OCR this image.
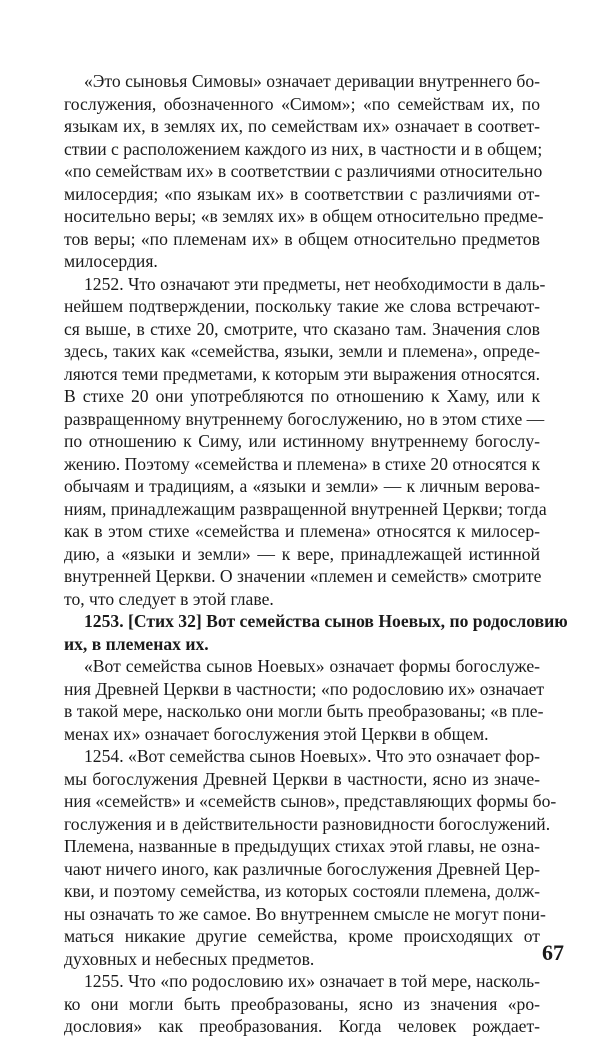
«Это сыновья Симовы» означает деривации внутреннего бо-
гослужения, обозначенного «Симом»; «по семействам их, по
языкам их, в землях их, по семействам их» означает в соответ-
ствии с расположением каждого из них, в частности и в общем;
«по семействам их» в соответствии с различиями относительно
милосердия; «по языкам их» в соответствии с различиями от-
носительно веры; «в землях их» в общем относительно предме-
тов веры; «по племенам их» в общем относительно предметов
милосердия.
1252. Что означают эти предметы, нет необходимости в даль-
нейшем подтверждении, поскольку такие же слова встречают-
ся выше, в стихе 20, смотрите, что сказано там. Значения слов
здесь, таких как «семейства, языки, земли и племена», опреде-
ляются теми предметами, к которым эти выражения относятся.
В стихе 20 они употребляются по отношению к Хаму, или к
развращенному внутреннему богослужению, но в этом стихе —
по отношению к Симу, или истинному внутреннему богослу-
жению. Поэтому «семейства и племена» в стихе 20 относятся к
обычаям и традициям, а «языки и земли» — к личным верова-
ниям, принадлежащим развращенной внутренней Церкви; тогда
как в этом стихе «семейства и племена» относятся к милосер-
дию, а «языки и земли» — к вере, принадлежащей истинной
внутренней Церкви. О значении «племен и семейств» смотрите
то, что следует в этой главе.
1253. [Стих 32] Вот семейства сынов Ноевых, по родословию
их, в племенах их.
«Вот семейства сынов Ноевых» означает формы богослуже-
ния Древней Церкви в частности; «по родословию их» означает
в такой мере, насколько они могли быть преобразованы; «в пле-
менах их» означает богослужения этой Церкви в общем.
1254. «Вот семейства сынов Ноевых». Что это означает фор-
мы богослужения Древней Церкви в частности, ясно из значе-
ния «семейств» и «семейств сынов», представляющих формы бо-
гослужения и в действительности разновидности богослужений.
Племена, названные в предыдущих стихах этой главы, не озна-
чают ничего иного, как различные богослужения Древней Цер-
кви, и поэтому семейства, из которых состояли племена, долж-
ны означать то же самое. Во внутреннем смысле не могут пони-
маться никакие другие семейства, кроме происходящих от
духовных и небесных предметов.
1255. Что «по родословию их» означает в той мере, насколь-
ко они могли быть преобразованы, ясно из значения «ро-
дословия» как преобразования. Когда человек рождает-
67
